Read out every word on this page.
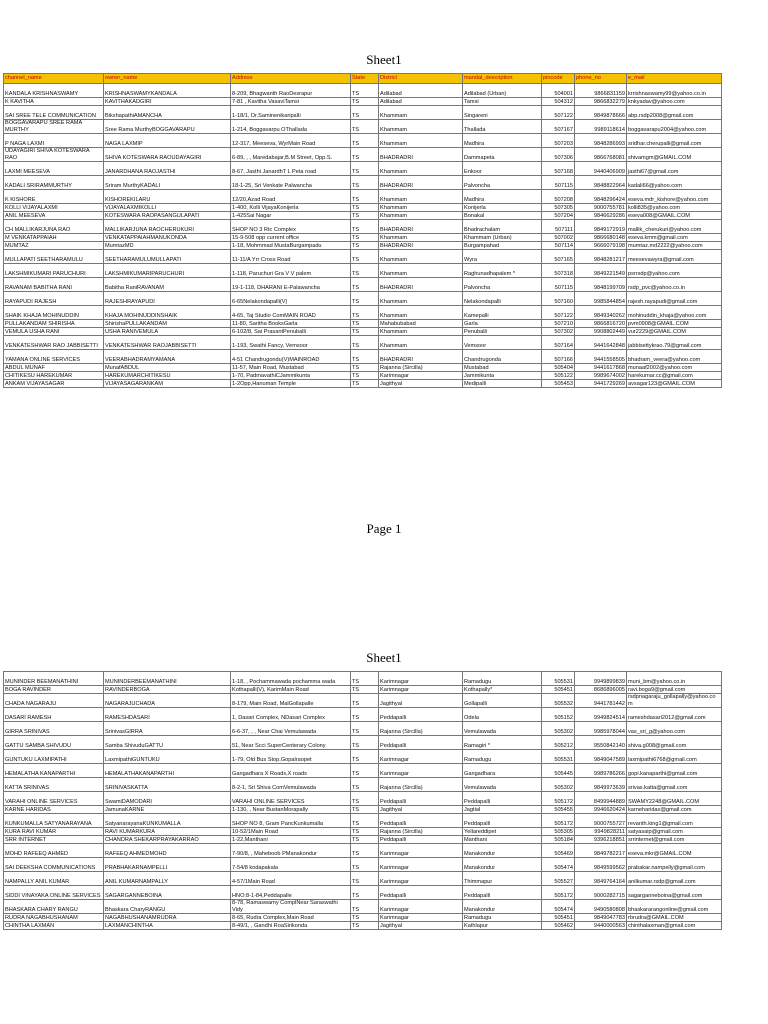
Sheet1
channel_name	owner_name	Address	State	District	mandal_description	pincode	phone_no	e_mail
KANDALA KRISHNASWAMY	KRISHNASWAMYKANDALA	8-209, Bhagwanth RaoDesrapur	TS	Adilabad	Adilabad (Urban)	504001	9866831159	krrishnaswamy99@yahoo.co.in
K KAVITHA	KAVITHAKADGIRI	7-81 , Kavitha VasaviTamsi	TS	Adilabad	Tamsi	504312	9866832279	knkyadav@yahoo.com
SAI SREE TELE COMMUNICATION	BikshapathiAMANCHA	1-18/1, Dr.SaminenikaripalIi	TS	Khammam	Singareni	507122	9849878666	abp.rsdp2008@gmail.com
BOGGAVARAPU SREE RAMA MURTHY	Sree Rama MurthyBOGGAVARAPU	1-214, Boggavarpu OThallada	TS	Khammam	Thallada	507167	9989118614	boggavarapu2004@yahoo.com
P NAGA LAXMI	NAGA LAXMIP	12-317, Meeseva, WyrMain Road	TS	Khammam	Madhira	507203	9848286993	sridhar.cherupalli@gmail.com
UDAYAGIRI SHIVA KOTESWARA RAO	SHIVA KOTESWARA RAOUDAYAGIRI	6-89, , , Maredabajar,B.M Street, Opp.S.	TS	BHADRADRI	Dammapeta	507306	9866768081	shivamgm@GMAIL.COM
LAXMI MEESEVA	JANARDHANA RAOJASTHI	8-67, Jasthi JanardhT L Peta road	TS	Khammam	Enkoor	507168	9440406909	jasthi67@gmail.com
KADALI SRIRAMMURTHY	Sriram MurthyKADALI	18-1-25, Sri Venkate Palwancha	TS	BHADRADRI	Palvoncha	507115	9848822964	kadali66@yahoo.com
K KISHORE	KISHOREKILARU	12/20,Azad Road	TS	Khammam	Madhira	507208	9848296424	eseva.mdr_kishore@yahoo.com
KOLLI VIJAYALAXMI	VIJAYALAXMIKOLLI	1-400, Kolli VijayaKonijerla	TS	Khammam	Konijerla	507305	9000755781	kolli835@yahoo.com
ANIL MEESEVA	KOTESWARA RAOPASANGULAPATI	1-425Sai Nagar	TS	Khammam	Bonakal	507204	9846629286	eseva008@GMAIL.COM
CH MALLIKARJUNA RAO	MALLIKARJUNA RAOCHERUKURI	SHOP NO 3 Rtc Complex	TS	BHADRADRI	Bhadrachalam	507111	9849172919	mallik_cherukuri@yahoo.com
M VENKATAPPAIAH	VENKATAPPAIAHMANUKONDA	15-9-508 opp current office	TS	Khammam	Khammam (Urban)	507002	9866680148	eseva.kmm@gmail.com
MUMTAZ	MumtazMD	1-18, Mohmmad MustaBurgampadu	TS	BHADRADRI	Burgampahad	507114	9666079198	mumtaz.md2222@yahoo.com
MULLAPATI SEETHARAMULU	SEETHARAMULUMULLAPATI	11-11/A Yrr Cross Road	TS	Khammam	Wyra	507165	9848281217	meesevawyra@gmail.com
LAKSHMIKUMARI PARUCHURI	LAKSHMIKUMARIPARUCHURI	1-118, Paruchuri Gra V V palem	TS	Khammam	Raghunadhapalem *	507318	9849221549	psrrsdp@yahoo.com
RAVANAM BABITHA RANI	Babitha RaniRAVANAM	19-1-118, DHARANI E-Palawancha	TS	BHADRADRI	Palvoncha	507115	9848199709	rsdp_pvc@yahoo.co.in
RAYAPUDI RAJESH	RAJESHRAYAPUDI	6-65Nelakondapalli(V)	TS	Khammam	Nelakondapalli	507160	9985844854	rajesh.rayapudi@gmail.com
SHAIK KHAJA MOHINUDDIN	KHAJA MOHINUDDINSHAIK	4-65, Taj Studio ComMAIN ROAD	TS	Khammam	Kamepalli	507122	9849340262	mohinuddin_khaja@yahoo.com
PULLAKANDAM SHIRISHA	ShirishaPULLAKANDAM	11-80, Saritha BooksGarla	TS	Mahabubabad	Garla	507210	9866816720	pvm0908@GMAIL.COM
VEMULA USHA RANI	USHA RANIVEMULA	6-102/8, Sai PrasantPenuballi	TS	Khammam	Penuballi	507302	9908802449	vur2229@GMAIL.COM
VENKATESHWAR RAO JABBISETTI	VENKATESHWAR RAOJABBISETTI	1-193, Swathi Fancy, Vemsoor	TS	Khammam	Vemsoor	507164	9441642848	jabbisettykrao.79@gmail.com
YAMANA ONLINE SERVICES	VEERABHADRAMYAMANA	4-51 Chandrugondu(V)MAINROAD	TS	BHADRADRI	Chandrugonda	507166	9441558505	bhadram_veera@yahoo.com
ABDUL MUNAF	MunafABDUL	11-57, Main Road, Mustabad	TS	Rajanna (Sircilla)	Mustabad	505404	9441617868	munaaf2002@yahoo.com
CHITIKESU HAREKUMAR	HAREKUMARCHITIKESU	1-70, PadmavathiCJammikunta	TS	Karimnagar	Jammikunta	505122	9989674002	harekumar.cc@gmail.com
ANKAM VIJAYASAGAR	VIJAYASAGARANKAM	1-2Opp,Hanuman Temple	TS	Jagithyal	Medipalli	505453	9441729269	avsagar123@GMAIL.COM
Page 1
Sheet1
MUNINDER BEEMANATHINI	MUNINDERBEEMANATHINI	1-18, , Pochammawada pochamma wada	TS	Karimnagar	Ramadugu	505531	9949899839	muni_bm@yahoo.co.in
BOGA RAVINDER	RAVINDERBOGA	Kothapalli(V), KarimMain Road	TS	Karimnagar	Kothapally*	505451	8686896005	ravi.boga9@gmail.com
CHADA NAGARAJU	NAGARAJUCHADA	8-179, Main Road, MalGollapalle	TS	Jagithyal	Gollapalli	505532	9441781442	rsdpnagaraju_gollapally@yahoo.com
DASARI RAMESH	RAMESHDASARI	1, Dasari Complex, NDasari Complex	TS	Peddapalli	Odela	505152	9949824514	rameshdasari2012@gmail.com
GIRRA SRINIVAS	SrinivasGIRRA	6-6-37, , , Near Chai Vemulawada	TS	Rajanna (Sircilla)	Vemulawada	505302	9985978044	vas_sri_g@yahoo.com
GATTU SAMBA SHIVUDU	Samba ShivuduGATTU	51, Near Scci SuperCenterary Colony	TS	Peddapalli	Ramagiri *	505212	9550842140	shiva.g008@gmail.com
GUNTUKU LAXMIPATHI	LaxmipathiGUNTUKU	1-79, Old Bus Stop,Gopalraopet	TS	Karimnagar	Ramadugu	505531	9849047589	laxmipathi6768@gmail.com
HEMALATHA KANAPARTHI	HEMALATHAKANAPARTHI	Gangadhara X Roads,X roads	TS	Karimnagar	Gangadhara	505445	9989786266	gopi.kanaparthi@gmail.com
KATTA SRINIVAS	SRINIVASKATTA	8-2-1, Sri Shiva ComVemulawada	TS	Rajanna (Sircilla)	Vemulawada	505302	9849973639	srivas.katta@gmail.com
VARAHI ONLINE SERVICES	SwamiDAMODARI	VARAHI ONLINE SERVICES	TS	Peddapalli	Peddapalli	505172	8499944889	SWAMY2248@GMAIL.COM
KARNE HARIDAS	JamunaKARNE	1-130, , Near BustanMorapally	TS	Jagithyal	Jagtial	505455	9946620424	karneharidas@gmail.com
KUNKUMALLA SATYANARAYANA	SatyanarayanaKUNKUMALLA	SHOP NO 8, Gram PancKunkumalla	TS	Peddapalli	Peddapalli	505172	9000755727	revanth.king1@gmail.com
KURA RAVI KUMAR	RAVI KUMARKURA	10-52/1Main Road	TS	Rajanna (Sircilla)	Yellareddipet	505305	9949828211	satyasaip@gmail.com
SRR INTERNET	CHANDRA SHEKARPRAYAKARRAO	1-22,Manthani	TS	Peddapalli	Manthani	505184	9396218851	srrinternet@gmail.com
MOHD RAFEEQ AHMED	RAFEEQ AHMEDMOHD	7-90/8, , Maheboob PManakondur	TS	Karimnagar	Manakondur	505469	9849782217	eseva.mkr@GMAIL.COM
SAI DEEKSHA COMMUNICATIONS	PRABHAKARNAMPELLI	7-54/8 kodapakala	TS	Karimnagar	Manakondur	505474	9849599562	prabakar.nampelly@gmail.com
NAMPALLY ANIL KUMAR	ANIL KUMARNAMPALLY	4-57/1Main Road	TS	Karimnagar	Thimmapur	505527	9849764164	anilkumar.rsdp@gmail.com
SIDDI VINAYAKA ONLINE SERVICES	SAGARGANNEBOINA	HNO:8-1-84,Peddapalle	TS	Peddapalli	Peddapalli	505172	9000282715	sagarganneboina@gmail.com
BHASKARA CHARY RANGU	Bhaskara CharyRANGU	8-78, Ramaswamy ComplNear Saraswathi Vidy	TS	Karimnagar	Manakondur	505474	9490580808	bhaskararangonline@gmail.com
RUDRA NAGABHUSHANAM	NAGABHUSHANAMRUDRA	8-65, Rudra Complex,Main Road	TS	Karimnagar	Ramadugu	505451	9849047783	rbrudra@GMAIL.COM
CHINTHA LAXMAN	LAXMANCHINTHA	8-49/1, , Gandhi RoaSirikonda	TS	Jagithyal	Kathlapur	505462	9440000563	chinthalaxman@gmail.com
